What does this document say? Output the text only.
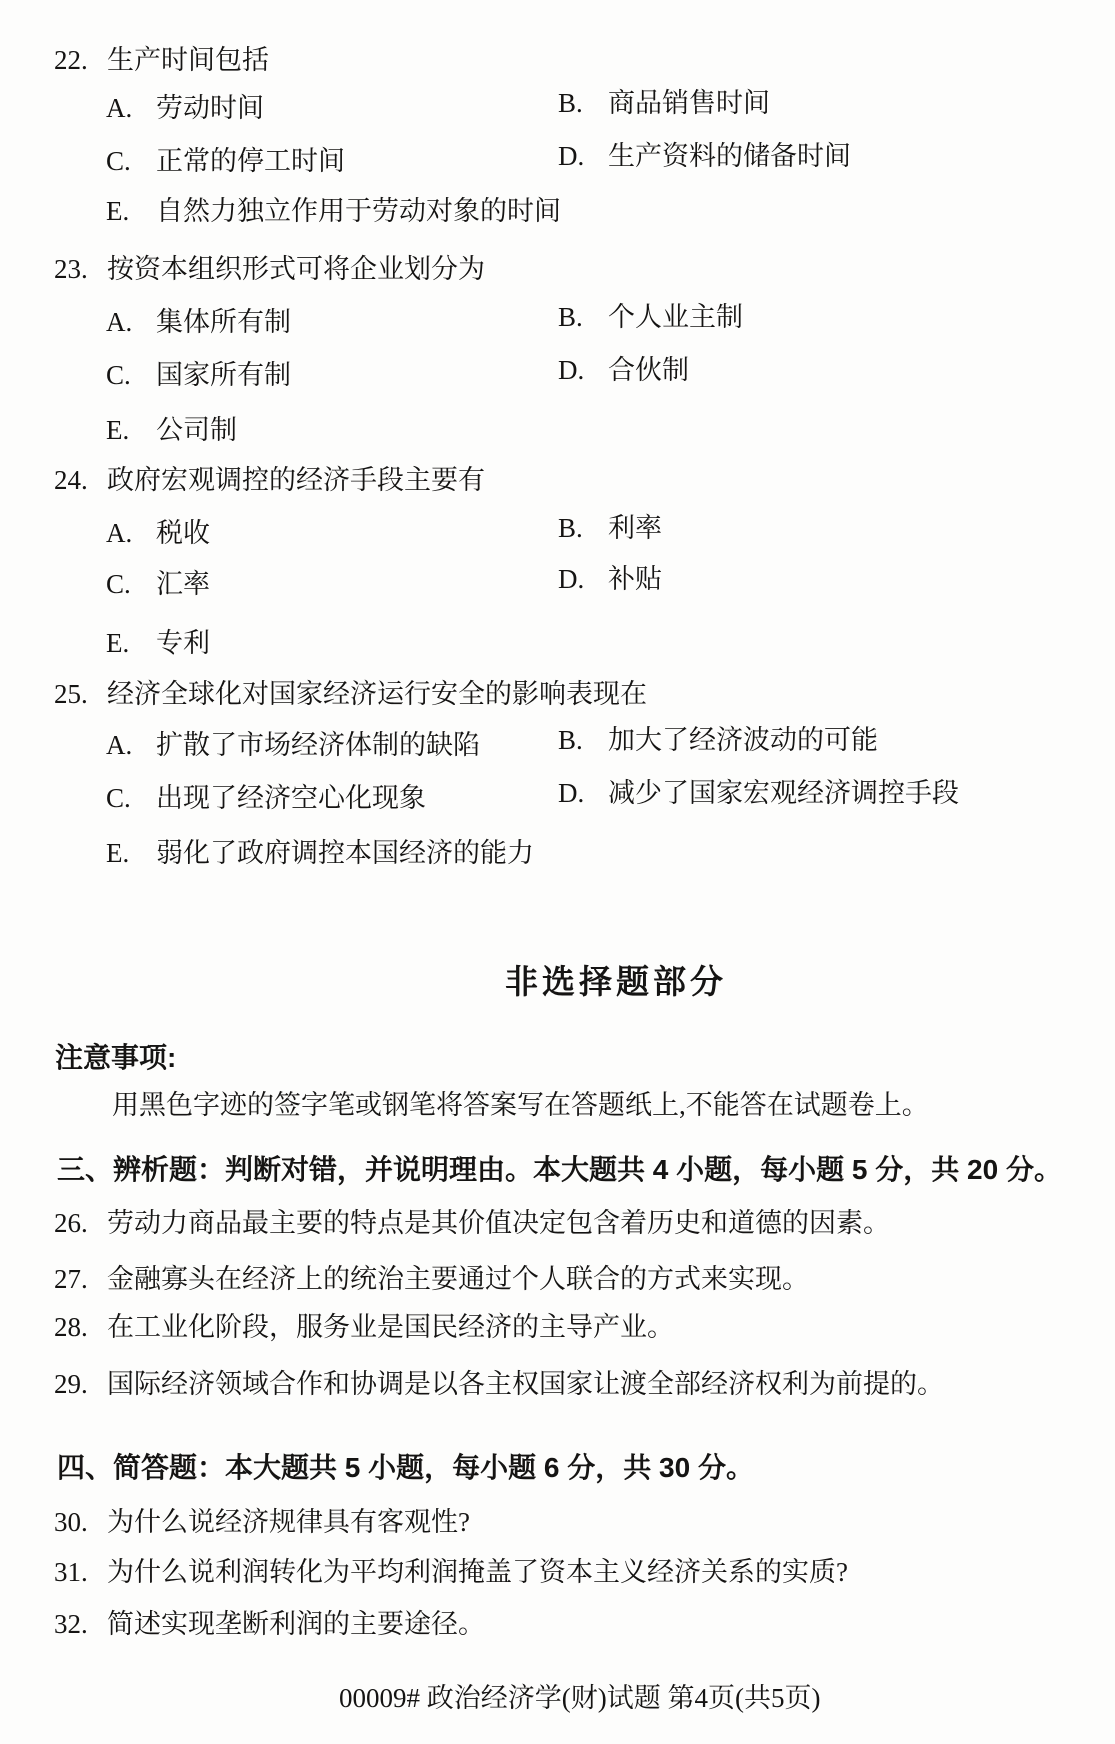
22. 生产时间包括
A. 劳动时间	B. 商品销售时间
C. 正常的停工时间	D. 生产资料的储备时间
E. 自然力独立作用于劳动对象的时间
23. 按资本组织形式可将企业划分为
A. 集体所有制	B. 个人业主制
C. 国家所有制	D. 合伙制
E. 公司制
24. 政府宏观调控的经济手段主要有
A. 税收	B. 利率
C. 汇率	D. 补贴
E. 专利
25. 经济全球化对国家经济运行安全的影响表现在
A. 扩散了市场经济体制的缺陷	B. 加大了经济波动的可能
C. 出现了经济空心化现象	D. 减少了国家宏观经济调控手段
E. 弱化了政府调控本国经济的能力
非选择题部分
注意事项:
用黑色字迹的签字笔或钢笔将答案写在答题纸上,不能答在试题卷上。
三、辨析题：判断对错，并说明理由。本大题共 4 小题，每小题 5 分，共 20 分。
26. 劳动力商品最主要的特点是其价值决定包含着历史和道德的因素。
27. 金融寡头在经济上的统治主要通过个人联合的方式来实现。
28. 在工业化阶段，服务业是国民经济的主导产业。
29. 国际经济领域合作和协调是以各主权国家让渡全部经济权利为前提的。
四、简答题：本大题共 5 小题，每小题 6 分，共 30 分。
30. 为什么说经济规律具有客观性?
31. 为什么说利润转化为平均利润掩盖了资本主义经济关系的实质?
32. 简述实现垄断利润的主要途径。
00009# 政治经济学(财)试题 第4页(共5页)
